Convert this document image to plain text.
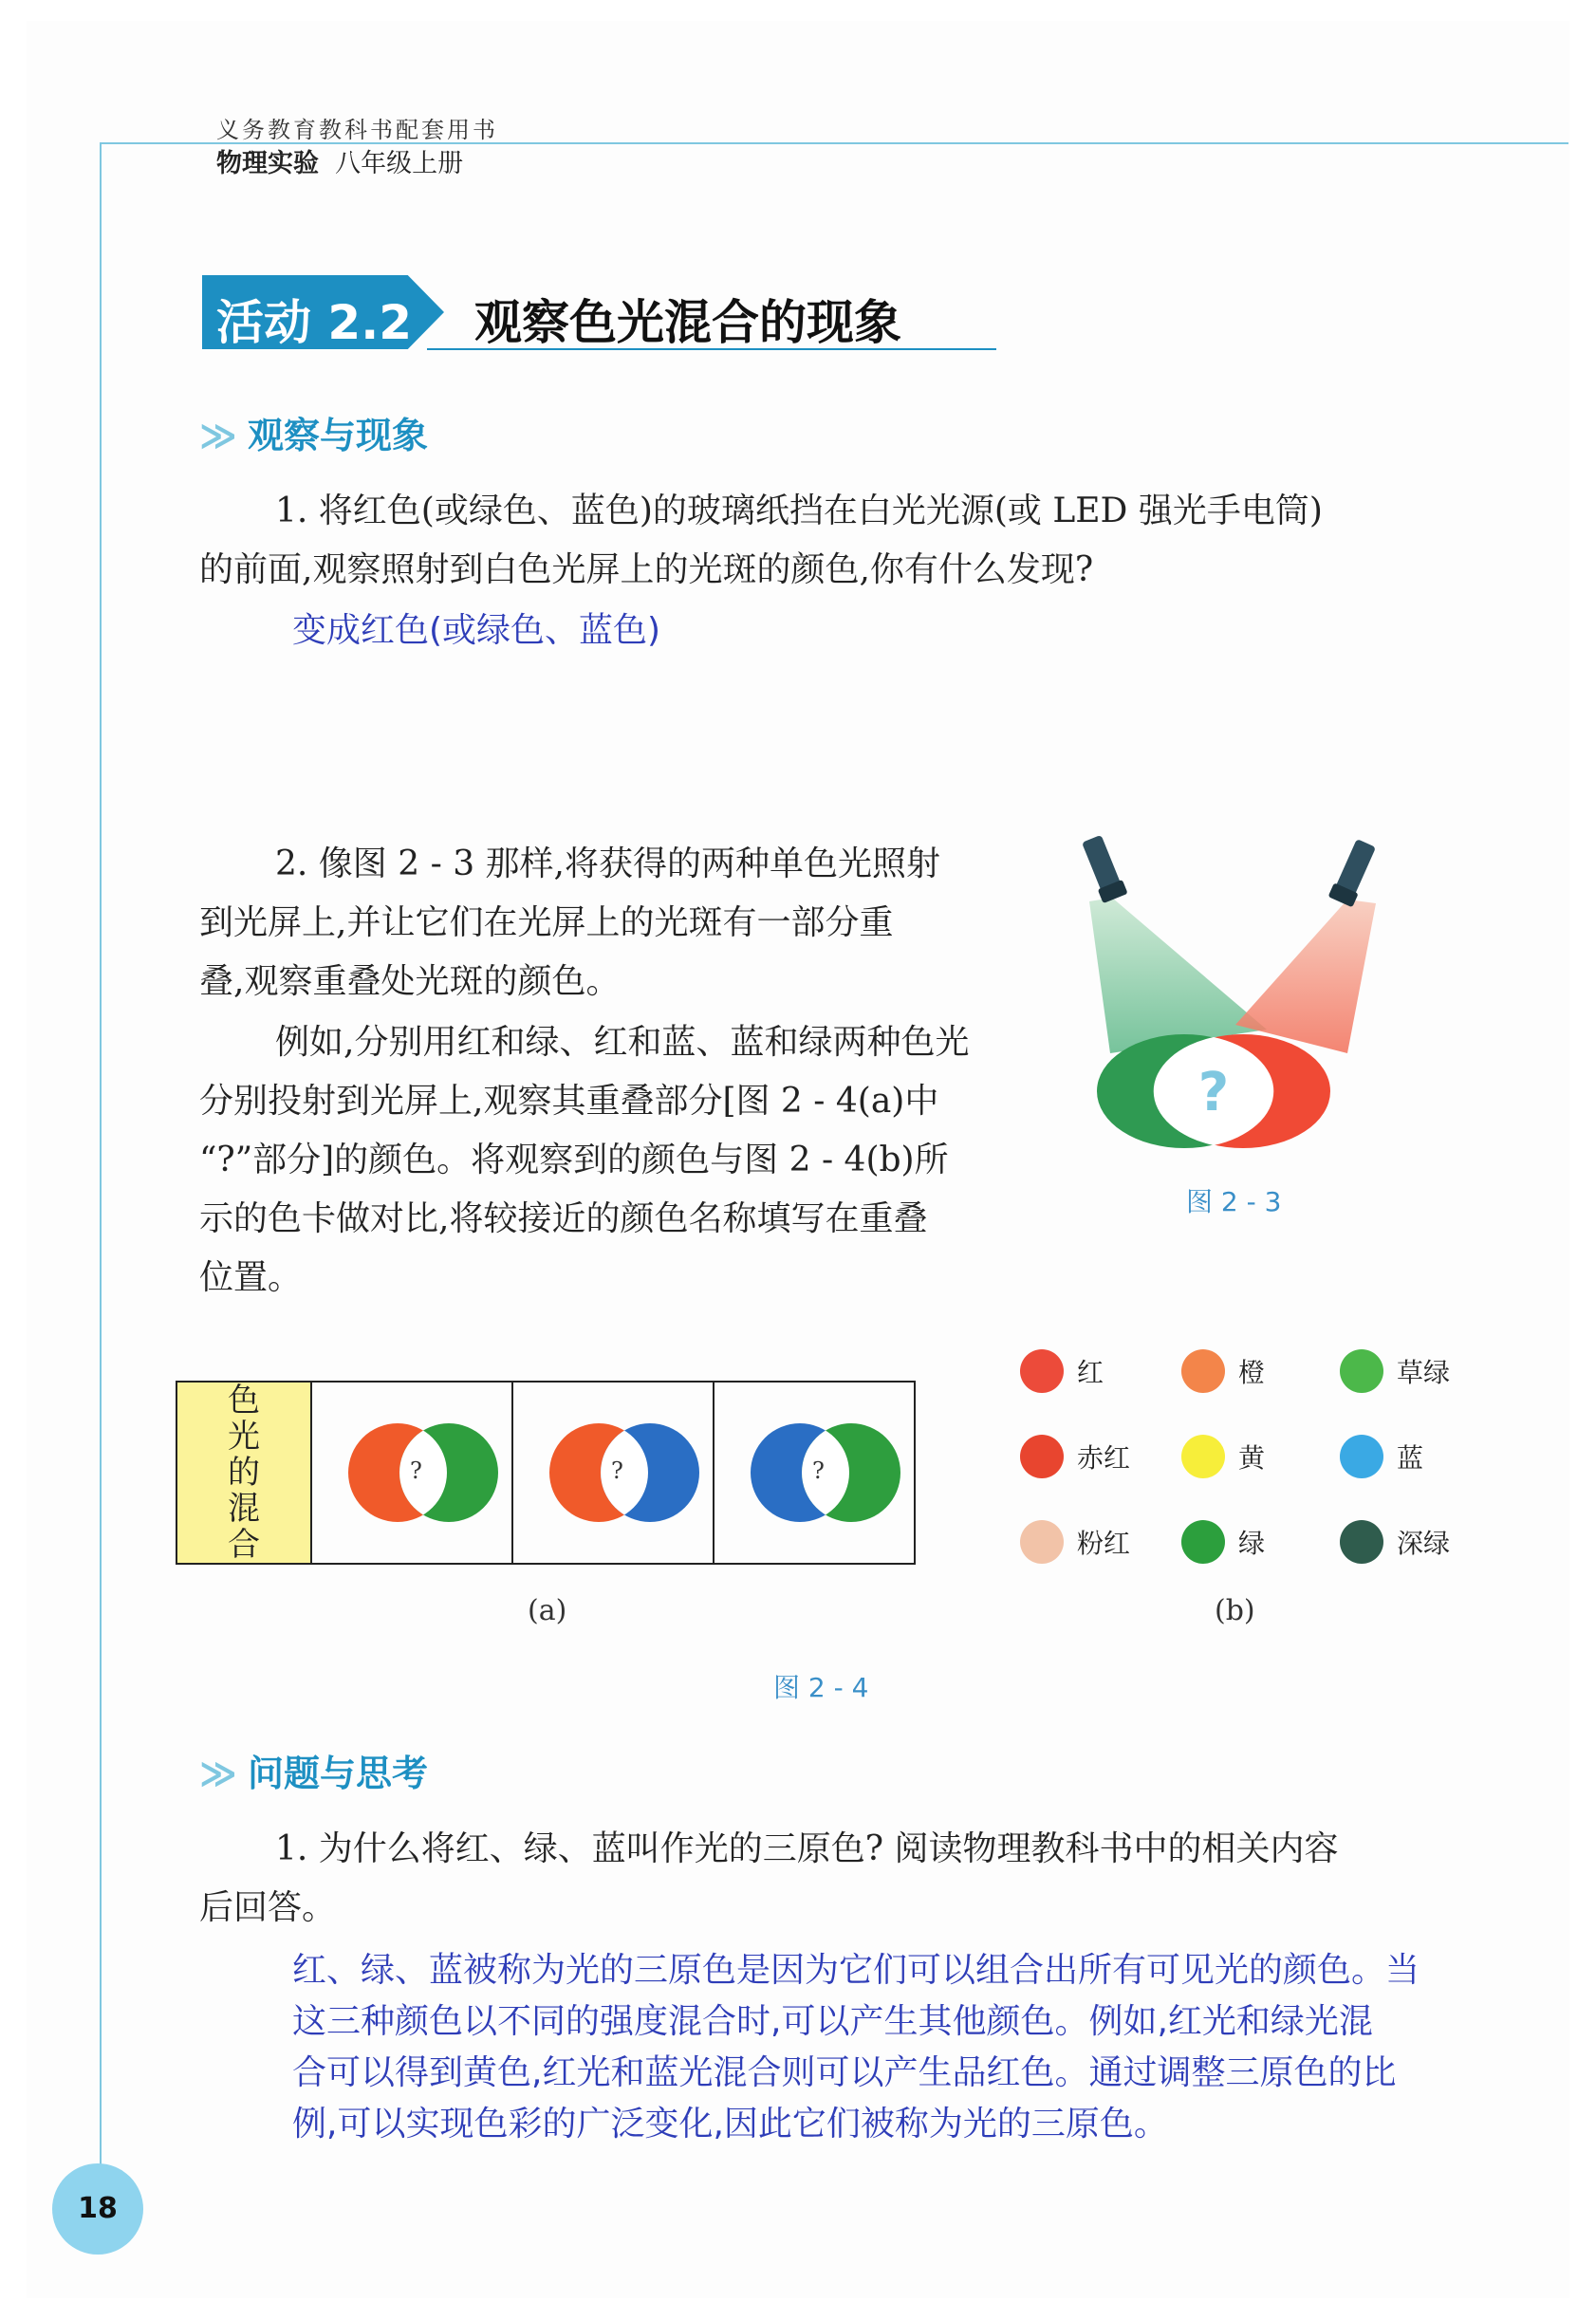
义务教育教科书配套用书
物理实验 八年级上册
活动 2.2 观察色光混合的现象
≫ 观察与现象
1. 将红色(或绿色、蓝色)的玻璃纸挡在白光光源(或 LED 强光手电筒)
的前面,观察照射到白色光屏上的光斑的颜色,你有什么发现?
变成红色(或绿色、蓝色)
2. 像图 2 - 3 那样,将获得的两种单色光照射
到光屏上,并让它们在光屏上的光斑有一部分重
叠,观察重叠处光斑的颜色。
例如,分别用红和绿、红和蓝、蓝和绿两种色光
分别投射到光屏上,观察其重叠部分[图 2 - 4(a)中
“?”部分]的颜色。将观察到的颜色与图 2 - 4(b)所
示的色卡做对比,将较接近的颜色名称填写在重叠
位置。
?
图 2 - 3
色
光
的
混
合

?	?	?
(a)
红	橙	草绿
赤红	黄	蓝
粉红	绿	深绿
(b)
图 2 - 4
≫ 问题与思考
1. 为什么将红、绿、蓝叫作光的三原色? 阅读物理教科书中的相关内容
后回答。
红、绿、蓝被称为光的三原色是因为它们可以组合出所有可见光的颜色。当
这三种颜色以不同的强度混合时,可以产生其他颜色。例如,红光和绿光混
合可以得到黄色,红光和蓝光混合则可以产生品红色。通过调整三原色的比
例,可以实现色彩的广泛变化,因此它们被称为光的三原色。
18
